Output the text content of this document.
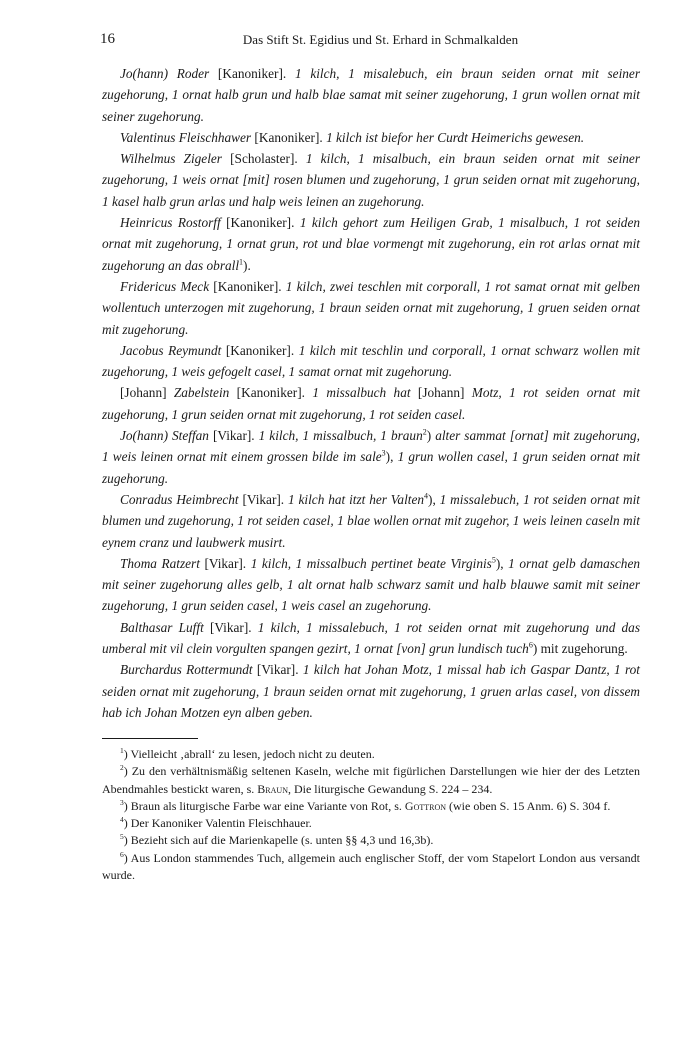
16	Das Stift St. Egidius und St. Erhard in Schmalkalden

Jo(hann) Roder [Kanoniker]. 1 kilch, 1 misalebuch, ein braun seiden ornat mit seiner zugehorung, 1 ornat halb grun und halb blae samat mit seiner zugehorung, 1 grun wollen ornat mit seiner zugehorung.

Valentinus Fleischhawer [Kanoniker]. 1 kilch ist biefor her Curdt Heimerichs gewesen.

Wilhelmus Zigeler [Scholaster]. 1 kilch, 1 misalbuch, ein braun seiden ornat mit seiner zugehorung, 1 weis ornat [mit] rosen blumen und zugehorung, 1 grun seiden ornat mit zugehorung, 1 kasel halb grun arlas und halp weis leinen an zugehorung.

Heinricus Rostorff [Kanoniker]. 1 kilch gehort zum Heiligen Grab, 1 misalbuch, 1 rot seiden ornat mit zugehorung, 1 ornat grun, rot und blae vormengt mit zugehorung, ein rot arlas ornat mit zugehorung an das obrall$^1$).

Fridericus Meck [Kanoniker]. 1 kilch, zwei teschlen mit corporall, 1 rot samat ornat mit gelben wollentuch unterzogen mit zugehorung, 1 braun seiden ornat mit zugehorung, 1 gruen seiden ornat mit zugehorung.

Jacobus Reymundt [Kanoniker]. 1 kilch mit teschlin und corporall, 1 ornat schwarz wollen mit zugehorung, 1 weis gefogelt casel, 1 samat ornat mit zugehorung.

[Johann] Zabelstein [Kanoniker]. 1 missalbuch hat [Johann] Motz, 1 rot seiden ornat mit zugehorung, 1 grun seiden ornat mit zugehorung, 1 rot seiden casel.

Jo(hann) Steffan [Vikar]. 1 kilch, 1 missalbuch, 1 braun$^2$) alter sammat [ornat] mit zugehorung, 1 weis leinen ornat mit einem grossen bilde im sale$^3$), 1 grun wollen casel, 1 grun seiden ornat mit zugehorung.

Conradus Heimbrecht [Vikar]. 1 kilch hat itzt her Valten$^4$), 1 missalebuch, 1 rot seiden ornat mit blumen und zugehorung, 1 rot seiden casel, 1 blae wollen ornat mit zugehor, 1 weis leinen caseln mit eynem cranz und laubwerk musirt.

Thoma Ratzert [Vikar]. 1 kilch, 1 missalbuch pertinet beate Virginis$^5$), 1 ornat gelb damaschen mit seiner zugehorung alles gelb, 1 alt ornat halb schwarz samit und halb blauwe samit mit seiner zugehorung, 1 grun seiden casel, 1 weis casel an zugehorung.

Balthasar Lufft [Vikar]. 1 kilch, 1 missalebuch, 1 rot seiden ornat mit zugehorung und das umberal mit vil clein vorgulten spangen gezirt, 1 ornat [von] grun lundisch tuch$^6$) mit zugehorung.

Burchardus Rottermundt [Vikar]. 1 kilch hat Johan Motz, 1 missal hab ich Gaspar Dantz, 1 rot seiden ornat mit zugehorung, 1 braun seiden ornat mit zugehorung, 1 gruen arlas casel, von dissem hab ich Johan Motzen eyn alben geben.

$^1$) Vielleicht ‚abrall‘ zu lesen, jedoch nicht zu deuten.

$^2$) Zu den verhältnismäßig seltenen Kaseln, welche mit figürlichen Darstellungen wie hier der des Letzten Abendmahles bestickt waren, s. Braun, Die liturgische Gewandung S. 224 – 234.

$^3$) Braun als liturgische Farbe war eine Variante von Rot, s. Gottron (wie oben S. 15 Anm. 6) S. 304 f.

$^4$) Der Kanoniker Valentin Fleischhauer.

$^5$) Bezieht sich auf die Marienkapelle (s. unten §§ 4,3 und 16,3b).

$^6$) Aus London stammendes Tuch, allgemein auch englischer Stoff, der vom Stapelort London aus versandt wurde.
